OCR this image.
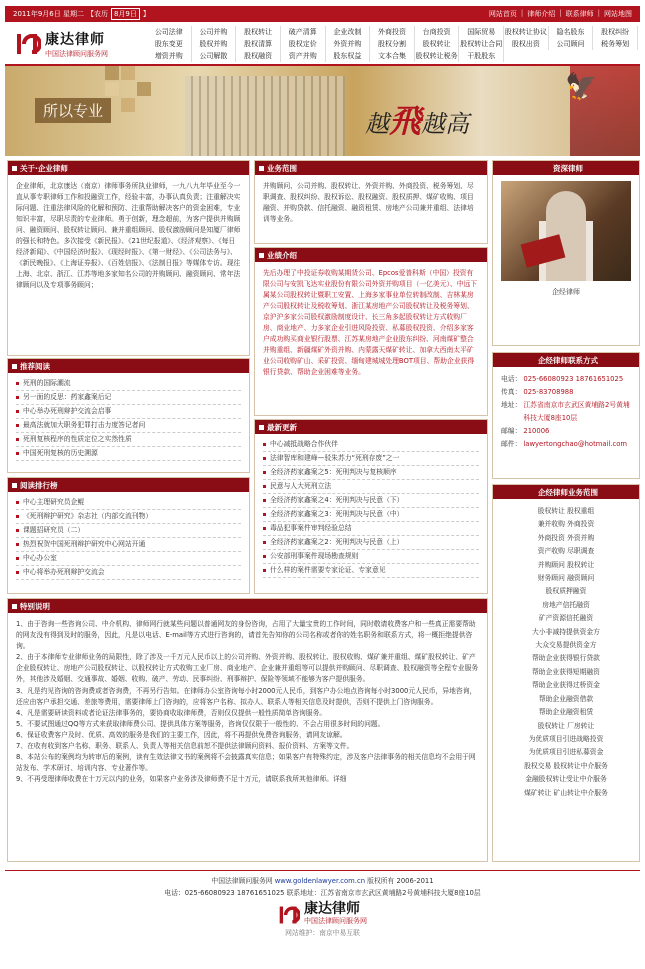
2011年9月6日 星期二 【农历 8月9日 】	网站首页 | 律师介绍 | 联系律师 | 网站地图
康达律师
中国法律顾问服务网
公司法律	公司并购	股权转让	破产清算	企业改制	外商投资	台商投资	国际贸易	股权转让协议	隐名股东	股权纠纷
股东变更	股权并购	股权清算	股权定价	外资并购	股权分割	股权转让	股权转让合同	股权出资	公司顾问	税务筹划
增资并购	公司解散	股权融资	资产并购	股东权益	文本合集	股权转让税务	干股股东
所以专业	越飛越高
🦅
关于·企业律师
企业律师，北京康达（南京）律师事务所执业律师，一九八九年毕业至今一直从事专职律师工作和投融资工作，经验丰富，办事认真负责；注重解决实际问题、注重法律风险的化解和预防、注重帮助解决客户的资金困难，专业知识丰富，尽职尽责的专业律师。勇于创新，理念超前，为客户提供并购顾问、融资顾问、股权转让顾问、兼并重组顾问、股权激励顾问是知厦厂律师的强长和特色。多次接受《新民报》、《21世纪报道》、《经济观察》、《每日经济新闻》、《中国经济时报》、《现经时报》、《第一财经》、《公司法务与》、《新民晚报》、《上海证券报》、《百姓信报》、《法制日报》等媒体专访。现往上海、北京、浙江、江苏等地多家知名公司的并购顾问、融资顾问、常年法律顾问以及专项事务顾问；
推荐阅读
死刑的国际潮流
另一面的反思：药家鑫案后记
中心举办死刑辩护交流会启事
最高法就加大职务犯罪打击力度答记者问
死刑复核程序的性质定位之实然性质
中国死刑复核的历史溯源
阅读排行榜
中心主理研究员企鲲
《死刑辩护研究》杂志社（内部交流刊物）
课题招研究员（二）
热烈祝贺中国死刑辩护研究中心网站开通
中心办公室
中心将举办死刑辩护交流会
业务范围
并购顾问、公司并购、股权转让、外资并购、外商投资、税务筹划、尽职调查、股权纠纷、股权诉讼、股权融资、股权质押、煤矿收购、项目融资、并购贷款、信托融资、融资租赁、房地产公司兼并重组、法律培训等业务。
业绩介绍
先后办理了中投证券收购某期货公司、Epcos爱普科斯（中国）投资有限公司与安凯飞达实业股份有限公司外资并购项目（一亿美元）、中远下属某公司股权转让暨职工安置、上海多家事业单位转制改制、吉林某房产公司股权转让及税收筹划、浙江某房地产公司股权转让及税务筹划、京沪沪多家公司股权激励制度设计、长三角多起股权转让方式收购厂房、商业地产、力多家企业引进风险投资、私募股权投资、介绍多家客户成功购买商业银行股票、江苏某房地产企业股东纠纷、河南煤矿整合并购重组、新疆煤矿外资并购、内蒙露天煤矿转让、加拿大西南太平矿业公司收购矿山、采矿投资、缅甸建城城处理BOT项目、帮助企业获得银行贷款、帮助企业困难等业务。
最新更新
中心减抵战略合作伙伴
法律智库和建峰—驳朱苏力“死刑存废”之一
全经济药家鑫案之5：死刑判决与复核顺序
民意与人大死刑立法
全经济药家鑫案之4：死刑判决与民意（下）
全经济药家鑫案之3：死刑判决与民意（中）
毒品犯事案件审判经验总结
全经济药家鑫案之2：死刑判决与民意（上）
公安部刑事案件现场勘查规则
什么样的案件需要专家论证、专家意见
特别说明

1、由于咨询一些咨询公司、中介机构、律师网行就某些问题以普通网友的身份咨询，占用了大量宝贵的工作时间，同时敬请收费客户和一些真正需要帮助的网友没有得到及时的服务，因此，凡是以电话、E-mail等方式进行咨询的，请首先告知你的公司名称或者你的姓名职务和联系方式，将一概拒绝提供咨询。

2、由于本律师专业律师业务的局限性，除了涉及一千万元人民币以上的公司并购、外资并购、股权转让、股权收购、煤矿兼并重组、煤矿股权转让、矿产企业股权转让、房地产公司股权转让、以股权转让方式收购工业厂房、商业地产、企业兼并重组等可以提供并购顾问、尽职调查、股权融资等全程专业服务外，其他涉及婚姻、交通事故、婚姻、收购、破产、劳动、民事纠纷、刑事辩护、保险等领域不能够为客户提供服务。

3、凡是约见咨询的咨询费或者咨询费，不再另行告知。在律师办公室咨询每小时2000元人民币，到客户办公地点咨询每小时3000元人民币，异地咨询，还应由客户承担交通、差旅等费用，需要律师上门咨询的，应将客户名称、拟办人、联系人等相关信息及时提供，否则不提供上门咨询服务。

4、凡是需要研读资料或者论证法律事务的，要协商收取律师费，否则仅仅提供一般性质简单咨询服务。

5、不要试图通过QQ等方式来获取律师费公司、提供具体方案等服务，咨询仅仅限于一般性的、不会占用很多时间的问题。

6、保证收费客户及时、优质、高效的服务是我们的主要工作，因此，将不再提供免费咨询服务，请网友谅解。

7、在收有收到客户名称、职务、联系人、负责人等相关信息前恕不提供法律顾问资料、报价资料、方案等文件。

8、本站公布的案例均为转审后的案例，读有生效法律文书的案例将不会披露真实信息；如果客户有特殊约定，涉及客户法律事务的相关信息均不会用于网站发布、学术研讨、培训内容、专业著作等。

9、不再受理律师收费在十万元以内的业务，如果客户业务涉及律师费不足十万元，请联系我所其他律师。详细

资深律师
企经律师
企经律师联系方式
电话： 025-66080923 18761651025
传真： 025-83708988
地址： 江苏省南京市玄武区黄埔路2号黄埔科技大厦8座10层
邮编： 210006
邮件： lawyertongchao@hotmail.com
企经律师业务范围
股权转让 股权重组
兼并收购 外商投资
外商投资 外资并购
资产收购 尽职调查
并购顾问 股权转让
财务顾问 融资顾问
股权质押融资
房地产信托融资
矿产资源信托融资
大小非减持提供资金方
大众交易提供资金方
帮助企业获得银行贷款
帮助企业获得短期融资
帮助企业获得过桥资金
帮助企业融资借款
帮助企业融资租赁
股权转让 厂房转让
为优质项目引进战略投资
为优质项目引进私募资金
股权交易 股权转让中介服务
金融股权转让受让中介服务
煤矿转让 矿山转让中介服务
中国法律顾问服务网 www.goldenlawyer.com.cn 版权所有 2006-2011
电话：025-66080923 18761651025 联系地址：江苏省南京市玄武区黄埔路2号黄埔科技大厦8座10层
康达律师
中国法律顾问服务网
网站维护：南京中易互联
